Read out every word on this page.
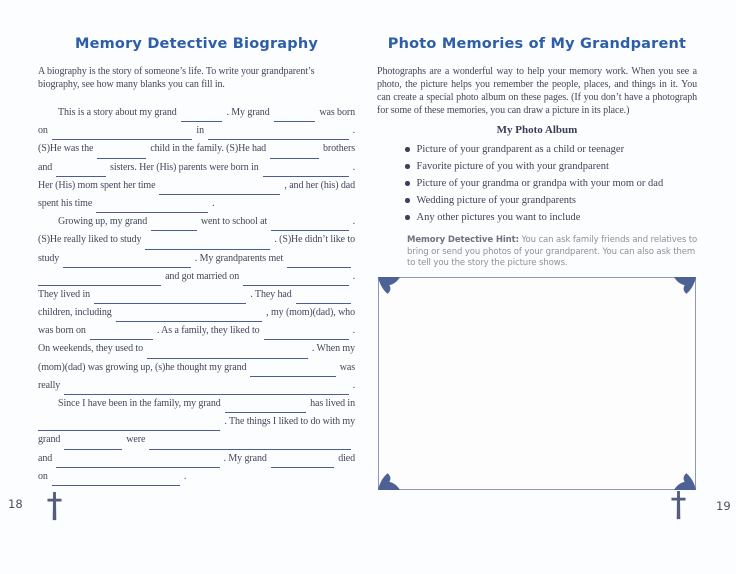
Memory Detective Biography
A biography is the story of someone’s life. To write your grandparent’s biography, see how many blanks you can fill in.
This is a story about my grand	. My grand	was born
on	in	.
(S)He was the	child in the family. (S)He had	brothers
and	sisters. Her (His) parents were born in	.
Her (His) mom spent her time	, and her (his) dad
spent his time	.
Growing up, my grand	went to school at	.
(S)He really liked to study	. (S)He didn’t like to
study	. My grandparents met
and got married on	.
They lived in	. They had
children, including	, my (mom)(dad), who
was born on	. As a family, they liked to	.
On weekends, they used to	. When my
(mom)(dad) was growing up, (s)he thought my grand	was
really	.
Since I have been in the family, my grand	has lived in
. The things I liked to do with my
grand	were
and	. My grand	died
on	.
Photo Memories of My Grandparent
Photographs are a wonderful way to help your memory work. When you see a photo, the picture helps you remember the people, places, and things in it. You can create a special photo album on these pages. (If you don’t have a photograph for some of these memories, you can draw a picture in its place.)
My Photo Album
Picture of your grandparent as a child or teenager
Favorite picture of you with your grandparent
Picture of your grandma or grandpa with your mom or dad
Wedding picture of your grandparents
Any other pictures you want to include
Memory Detective Hint: You can ask family friends and relatives to bring or send you photos of your grandparent. You can also ask them to tell you the story the picture shows.
18	19
